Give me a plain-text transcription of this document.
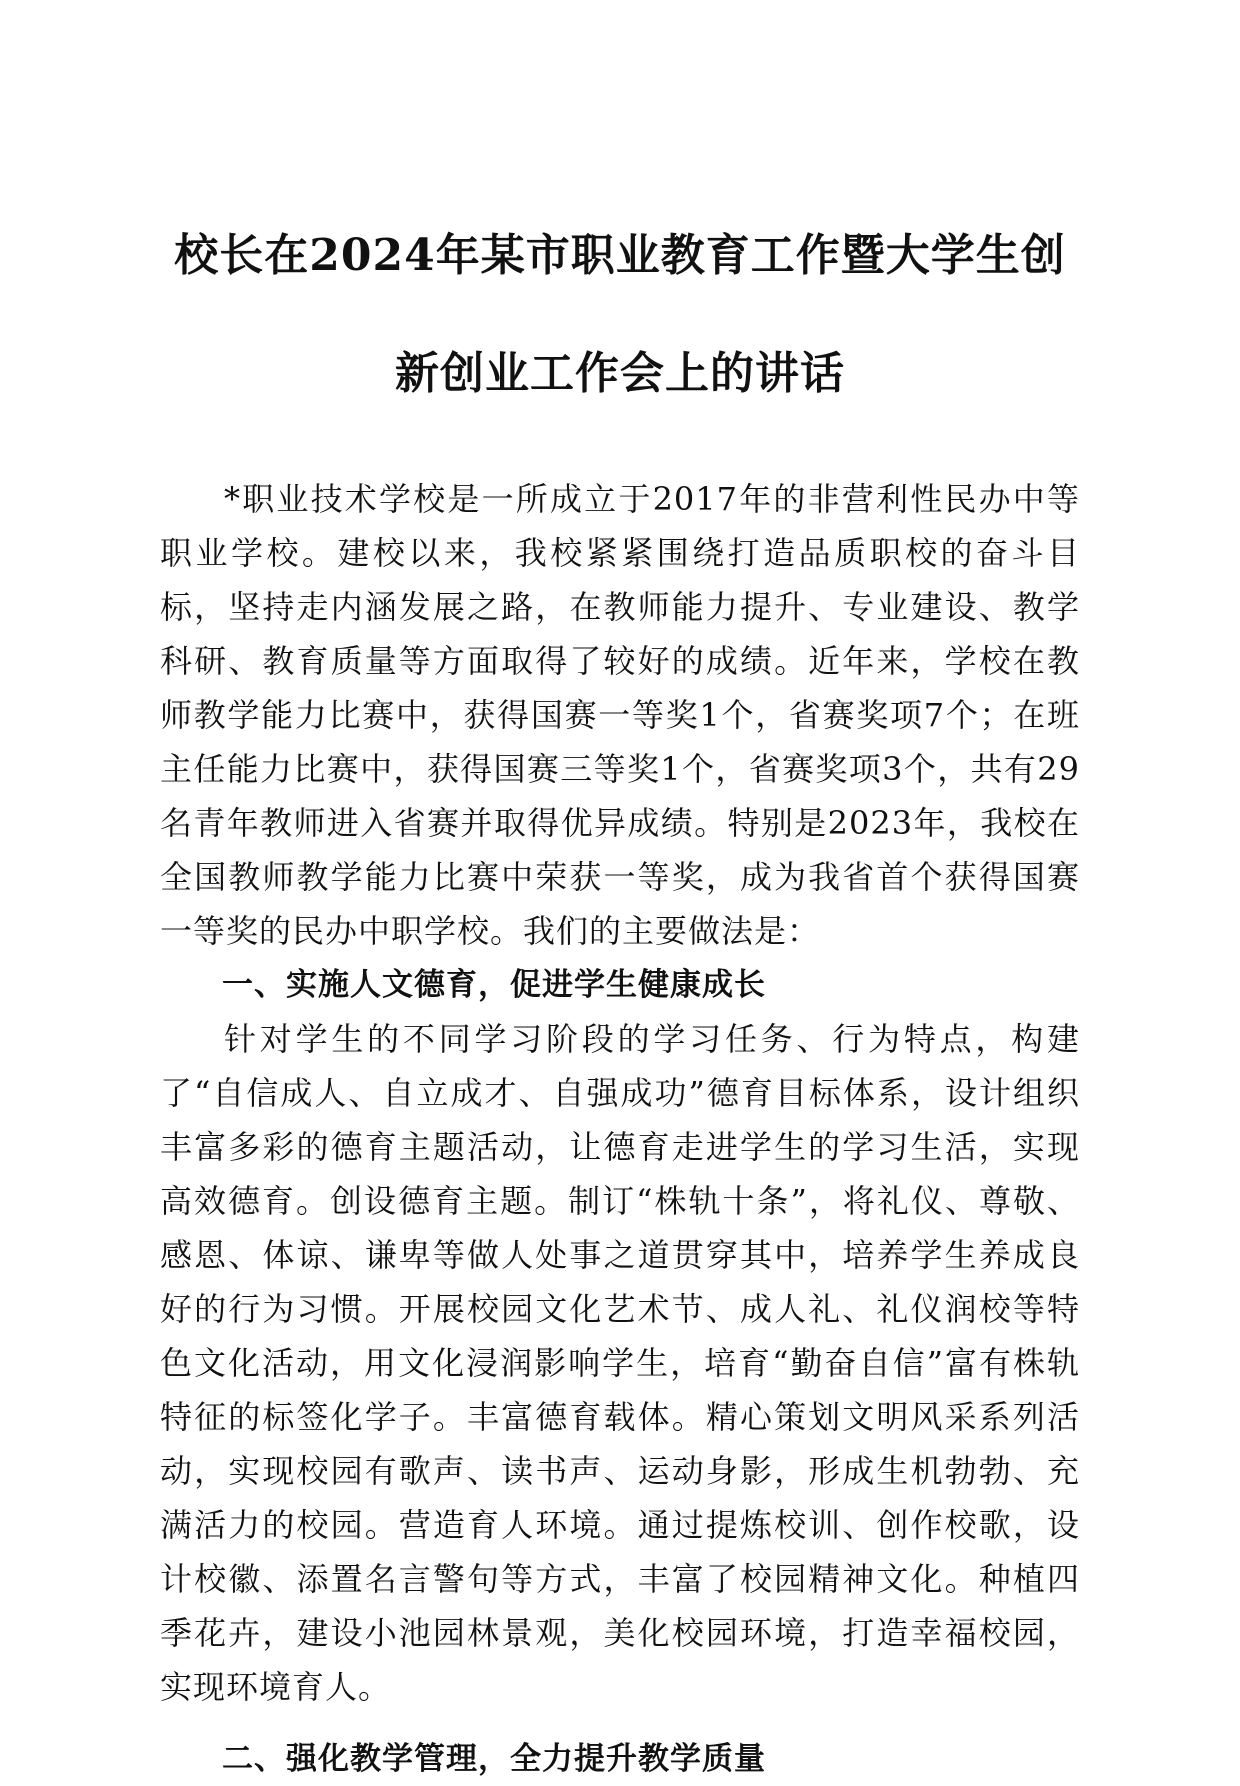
校长在2024年某市职业教育工作暨大学生创
新创业工作会上的讲话

*职业技术学校是一所成立于2017年的非营利性民办中等职业学校。建校以来，我校紧紧围绕打造品质职校的奋斗目标，坚持走内涵发展之路，在教师能力提升、专业建设、教学科研、教育质量等方面取得了较好的成绩。近年来，学校在教师教学能力比赛中，获得国赛一等奖1个，省赛奖项7个；在班主任能力比赛中，获得国赛三等奖1个，省赛奖项3个，共有29名青年教师进入省赛并取得优异成绩。特别是2023年，我校在全国教师教学能力比赛中荣获一等奖，成为我省首个获得国赛一等奖的民办中职学校。我们的主要做法是：

一、实施人文德育，促进学生健康成长

针对学生的不同学习阶段的学习任务、行为特点，构建了“自信成人、自立成才、自强成功”德育目标体系，设计组织丰富多彩的德育主题活动，让德育走进学生的学习生活，实现高效德育。创设德育主题。制订“株轨十条”，将礼仪、尊敬、感恩、体谅、谦卑等做人处事之道贯穿其中，培养学生养成良好的行为习惯。开展校园文化艺术节、成人礼、礼仪润校等特色文化活动，用文化浸润影响学生，培育“勤奋自信”富有株轨特征的标签化学子。丰富德育载体。精心策划文明风采系列活动，实现校园有歌声、读书声、运动身影，形成生机勃勃、充满活力的校园。营造育人环境。通过提炼校训、创作校歌，设计校徽、添置名言警句等方式，丰富了校园精神文化。种植四季花卉，建设小池园林景观，美化校园环境，打造幸福校园，实现环境育人。

二、强化教学管理，全力提升教学质量
